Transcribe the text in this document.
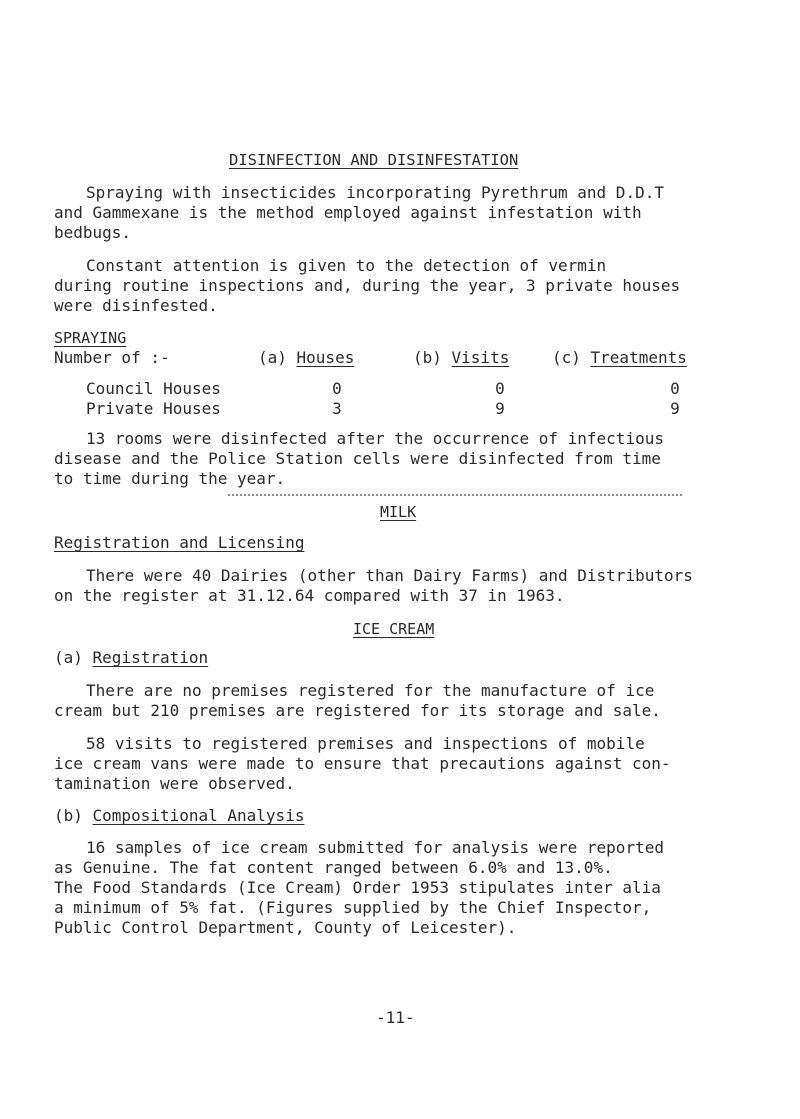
DISINFECTION AND DISINFESTATION
Spraying with insecticides incorporating Pyrethrum and D.D.T
and Gammexane is the method employed against infestation with
bedbugs.
Constant attention is given to the detection of vermin
during routine inspections and, during the year, 3 private houses
were disinfested.
SPRAYING
Number of :-	(a) Houses	(b) Visits	(c) Treatments
Council Houses	0	0	0
Private Houses	3	9	9
13 rooms were disinfected after the occurrence of infectious
disease and the Police Station cells were disinfected from time
to time during the year.
MILK
Registration and Licensing
There were 40 Dairies (other than Dairy Farms) and Distributors
on the register at 31.12.64 compared with 37 in 1963.
ICE CREAM
(a) Registration
There are no premises registered for the manufacture of ice
cream but 210 premises are registered for its storage and sale.
58 visits to registered premises and inspections of mobile
ice cream vans were made to ensure that precautions against con-
tamination were observed.
(b) Compositional Analysis
16 samples of ice cream submitted for analysis were reported
as Genuine. The fat content ranged between 6.0% and 13.0%.
The Food Standards (Ice Cream) Order 1953 stipulates inter alia
a minimum of 5% fat. (Figures supplied by the Chief Inspector,
Public Control Department, County of Leicester).
-11-
